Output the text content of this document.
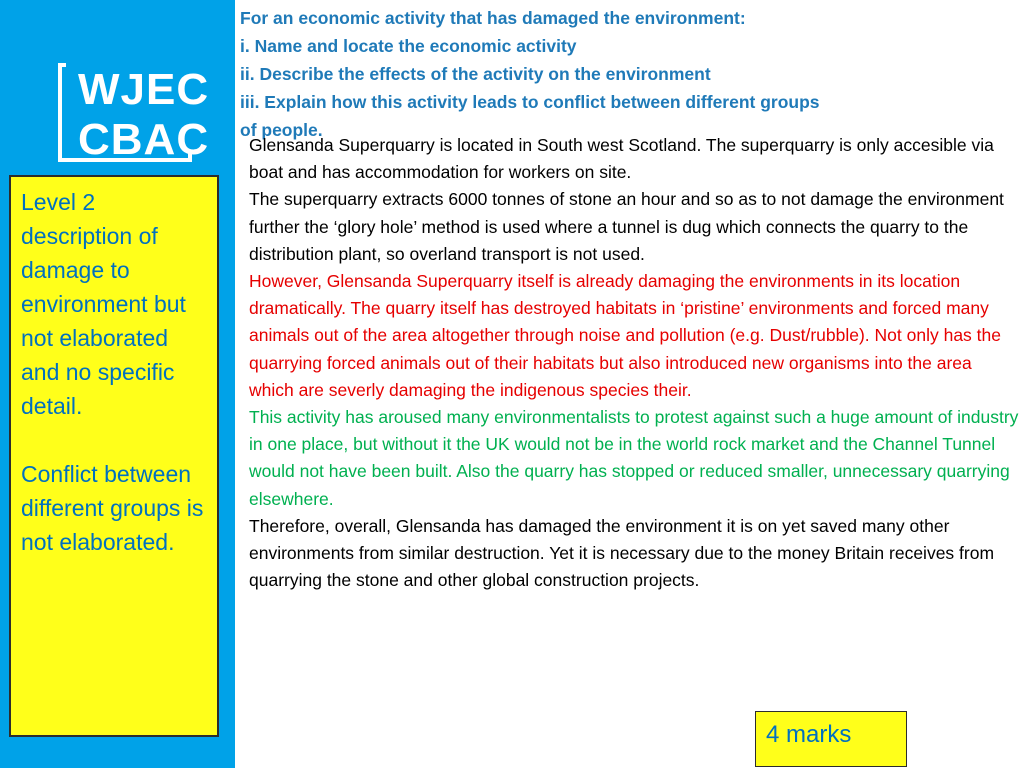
WJEC
CBAC

Level 2 description of damage to environment but not elaborated and no specific detail.

Conflict between different groups is not elaborated.

For an economic activity that has damaged the environment:
i. Name and locate the economic activity
ii. Describe the effects of the activity on the environment
iii. Explain how this activity leads to conflict between different groups
of people.

Glensanda Superquarry is located in South west Scotland. The superquarry is only accesible via boat and has accommodation for workers on site.

The superquarry extracts 6000 tonnes of stone an hour and so as to not damage the environment further the ‘glory hole’ method is used where a tunnel is dug which connects the quarry to the distribution plant, so overland transport is not used.

However, Glensanda Superquarry itself is already damaging the environments in its location dramatically. The quarry itself has destroyed habitats in ‘pristine’ environments and forced many animals out of the area altogether through noise and pollution (e.g. Dust/rubble). Not only has the quarrying forced animals out of their habitats but also introduced new organisms into the area which are severly damaging the indigenous species their.

This activity has aroused many environmentalists to protest against such a huge amount of industry in one place, but without it the UK would not be in the world rock market and the Channel Tunnel would not have been built. Also the quarry has stopped or reduced smaller, unnecessary quarrying elsewhere.

Therefore, overall, Glensanda has damaged the environment it is on yet saved many other environments from similar destruction. Yet it is necessary due to the money Britain receives from quarrying the stone and other global construction projects.

4 marks
